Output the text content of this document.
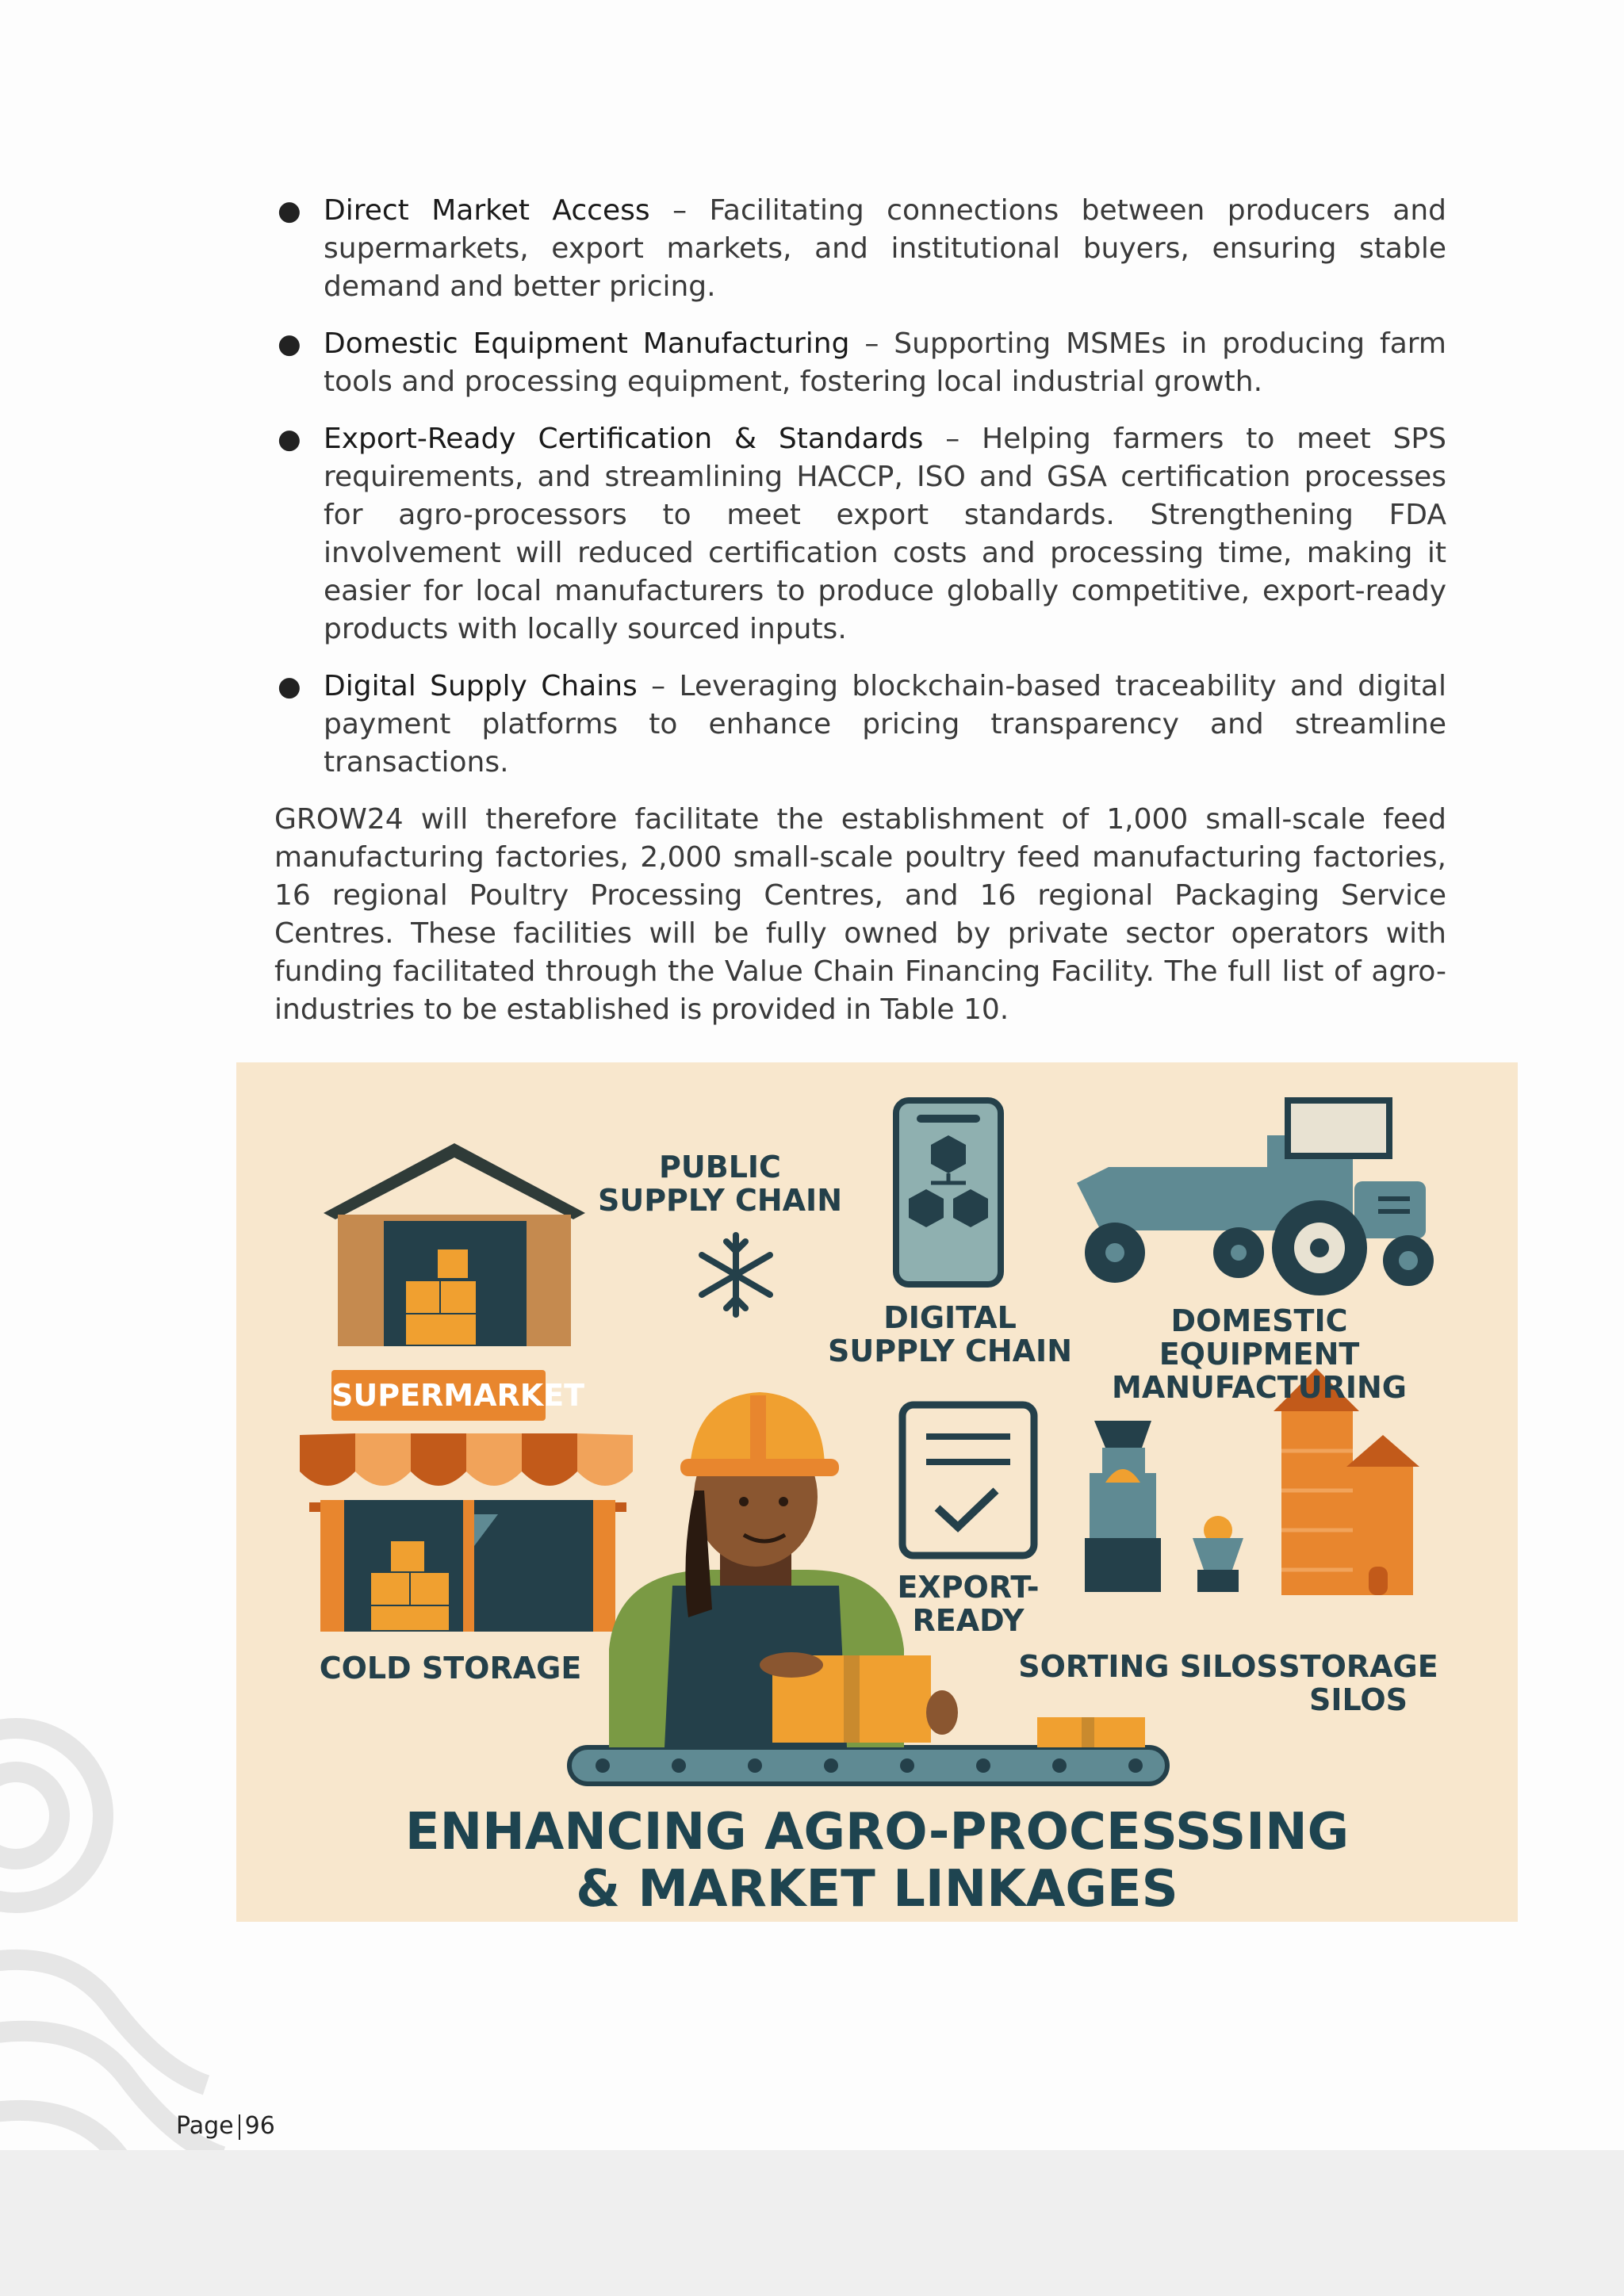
● Direct Market Access – Facilitating connections between producers and supermarkets, export markets, and institutional buyers, ensuring stable demand and better pricing.
● Domestic Equipment Manufacturing – Supporting MSMEs in producing farm tools and processing equipment, fostering local industrial growth.
● Export-Ready Certification & Standards – Helping farmers to meet SPS requirements, and streamlining HACCP, ISO and GSA certification processes for agro-processors to meet export standards. Strengthening FDA involvement will reduced certification costs and processing time, making it easier for local manufacturers to produce globally competitive, export-ready products with locally sourced inputs.
● Digital Supply Chains – Leveraging blockchain-based traceability and digital payment platforms to enhance pricing transparency and streamline transactions.

GROW24 will therefore facilitate the establishment of 1,000 small-scale feed manufacturing factories, 2,000 small-scale poultry feed manufacturing factories, 16 regional Poultry Processing Centres, and 16 regional Packaging Service Centres. These facilities will be fully owned by private sector operators with funding facilitated through the Value Chain Financing Facility. The full list of agro-industries to be established is provided in Table 10.

PUBLIC
SUPPLY CHAIN
DIGITAL
SUPPLY CHAIN
DOMESTIC
EQUIPMENT
MANUFACTURING
SUPERMARKET
EXPORT-
READY
COLD STORAGE	SORTING SILOS STORAGE
SILOS
ENHANCING AGRO-PROCESSSING
& MARKET LINKAGES
Page 96
